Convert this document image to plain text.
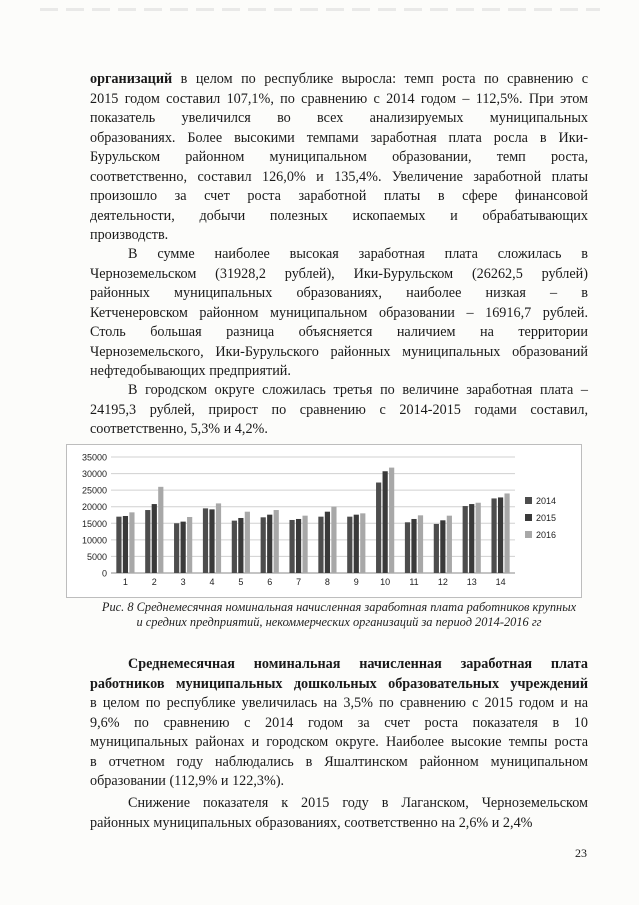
организаций в целом по республике выросла: темп роста по сравнению с
2015 годом составил 107,1%, по сравнению с 2014 годом – 112,5%. При этом
показатель увеличился во всех анализируемых муниципальных
образованиях. Более высокими темпами заработная плата росла в Ики-
Бурульском районном муниципальном образовании, темп роста,
соответственно, составил 126,0% и 135,4%. Увеличение заработной платы
произошло за счет роста заработной платы в сфере финансовой
деятельности, добычи полезных ископаемых и обрабатывающих
производств.
В сумме наиболее высокая заработная плата сложилась в
Черноземельском (31928,2 рублей), Ики-Бурульском (26262,5 рублей)
районных муниципальных образованиях, наиболее низкая – в
Кетченеровском районном муниципальном образовании – 16916,7 рублей.
Столь большая разница объясняется наличием на территории
Черноземельского, Ики-Бурульского районных муниципальных образований
нефтедобывающих предприятий.
В городском округе сложилась третья по величине заработная плата –
24195,3 рублей, прирост по сравнению с 2014-2015 годами составил,
соответственно, 5,3% и 4,2%.
0
5000
10000
15000
20000
25000
30000
35000
1	2	3	4	5	6	7	8	9 10 11 12 13 14
2014
2015
2016
Рис. 8 Среднемесячная номинальная начисленная заработная плата работников крупных
и средних предприятий, некоммерческих организаций за период 2014-2016 гг
Среднемесячная номинальная начисленная заработная плата
работников муниципальных дошкольных образовательных учреждений
в целом по республике увеличилась на 3,5% по сравнению с 2015 годом и на
9,6% по сравнению с 2014 годом за счет роста показателя в 10
муниципальных районах и городском округе. Наиболее высокие темпы роста
в отчетном году наблюдались в Яшалтинском районном муниципальном
образовании (112,9% и 122,3%).
Снижение показателя к 2015 году в Лаганском, Черноземельском
районных муниципальных образованиях, соответственно на 2,6% и 2,4%
23
